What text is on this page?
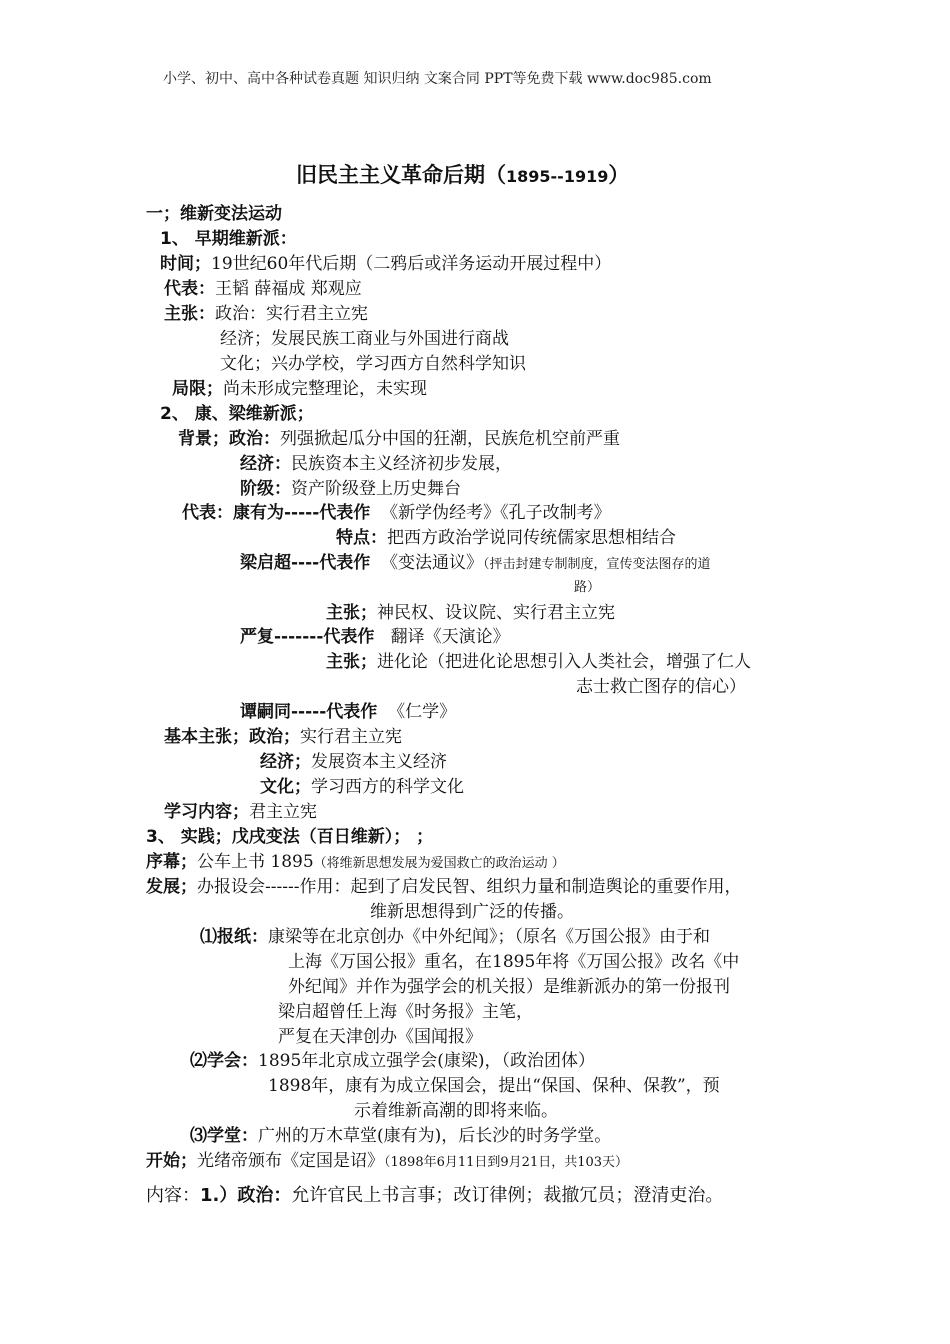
小学、初中、高中各种试卷真题 知识归纳 文案合同 PPT等免费下载 www.doc985.com
旧民主主义革命后期（1895--1919）
一；维新变法运动
1、 早期维新派：
时间；19世纪60年代后期（二鸦后或洋务运动开展过程中）
代表：王韬 薛福成 郑观应
主张：政治：实行君主立宪
经济；发展民族工商业与外国进行商战
文化；兴办学校，学习西方自然科学知识
局限；尚未形成完整理论，未实现
2、 康、梁维新派；
背景；政治：列强掀起瓜分中国的狂潮，民族危机空前严重
经济：民族资本主义经济初步发展，
阶级：资产阶级登上历史舞台
代表：康有为-----代表作 《新学伪经考》《孔子改制考》
特点：把西方政治学说同传统儒家思想相结合
梁启超----代表作 《变法通议》（抨击封建专制制度，宣传变法图存的道
路）
主张；神民权、设议院、实行君主立宪
严复-------代表作 翻译《天演论》
主张；进化论（把进化论思想引入人类社会，增强了仁人
志士救亡图存的信心）
谭嗣同-----代表作 《仁学》
基本主张；政治；实行君主立宪
经济；发展资本主义经济
文化；学习西方的科学文化
学习内容；君主立宪
3、 实践；戊戌变法（百日维新）； ；
序幕；公车上书 1895（将维新思想发展为爱国救亡的政治运动 ）
发展；办报设会------作用：起到了启发民智、组织力量和制造舆论的重要作用，
维新思想得到广泛的传播。
⑴报纸：康梁等在北京创办《中外纪闻》；（原名《万国公报》由于和
上海《万国公报》重名，在1895年将《万国公报》改名《中
外纪闻》并作为强学会的机关报）是维新派办的第一份报刊
梁启超曾任上海《时务报》主笔，
严复在天津创办《国闻报》
⑵学会：1895年北京成立强学会(康梁)，（政治团体）
1898年，康有为成立保国会，提出“保国、保种、保教”，预
示着维新高潮的即将来临。
⑶学堂：广州的万木草堂(康有为)，后长沙的时务学堂。
开始；光绪帝颁布《定国是诏》（1898年6月11日到9月21日，共103天）
内容：1.）政治：允许官民上书言事；改订律例；裁撤冗员；澄清吏治。
